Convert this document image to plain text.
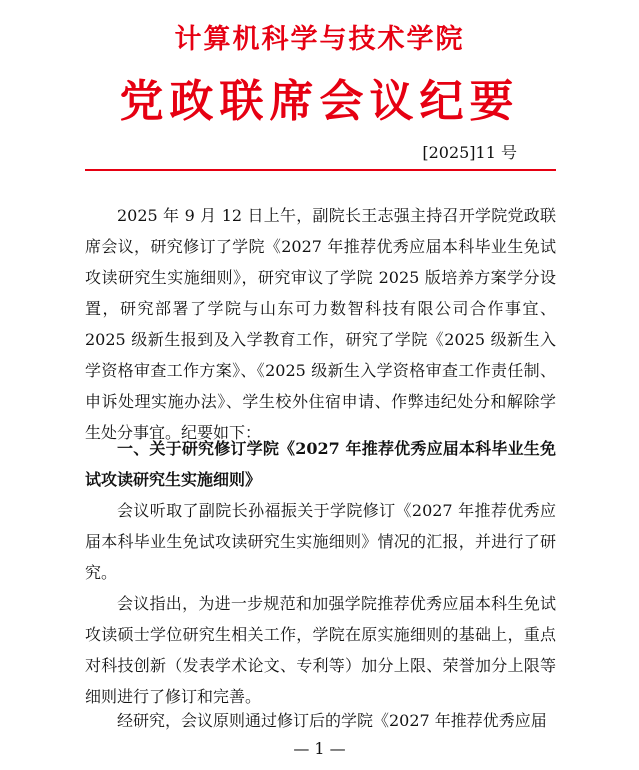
计算机科学与技术学院
党政联席会议纪要
[2025]11 号

2025 年 9 月 12 日上午，副院长王志强主持召开学院党政联席会议，研究修订了学院《2027 年推荐优秀应届本科毕业生免试攻读研究生实施细则》，研究审议了学院 2025 版培养方案学分设置，研究部署了学院与山东可力数智科技有限公司合作事宜、2025 级新生报到及入学教育工作，研究了学院《2025 级新生入学资格审查工作方案》、《2025 级新生入学资格审查工作责任制、申诉处理实施办法》、学生校外住宿申请、作弊违纪处分和解除学生处分事宜。纪要如下：

一、关于研究修订学院《2027 年推荐优秀应届本科毕业生免试攻读研究生实施细则》

会议听取了副院长孙福振关于学院修订《2027 年推荐优秀应届本科毕业生免试攻读研究生实施细则》情况的汇报，并进行了研究。

会议指出，为进一步规范和加强学院推荐优秀应届本科生免试攻读硕士学位研究生相关工作，学院在原实施细则的基础上，重点对科技创新（发表学术论文、专利等）加分上限、荣誉加分上限等细则进行了修订和完善。

经研究，会议原则通过修订后的学院《2027 年推荐优秀应届

— 1 —
